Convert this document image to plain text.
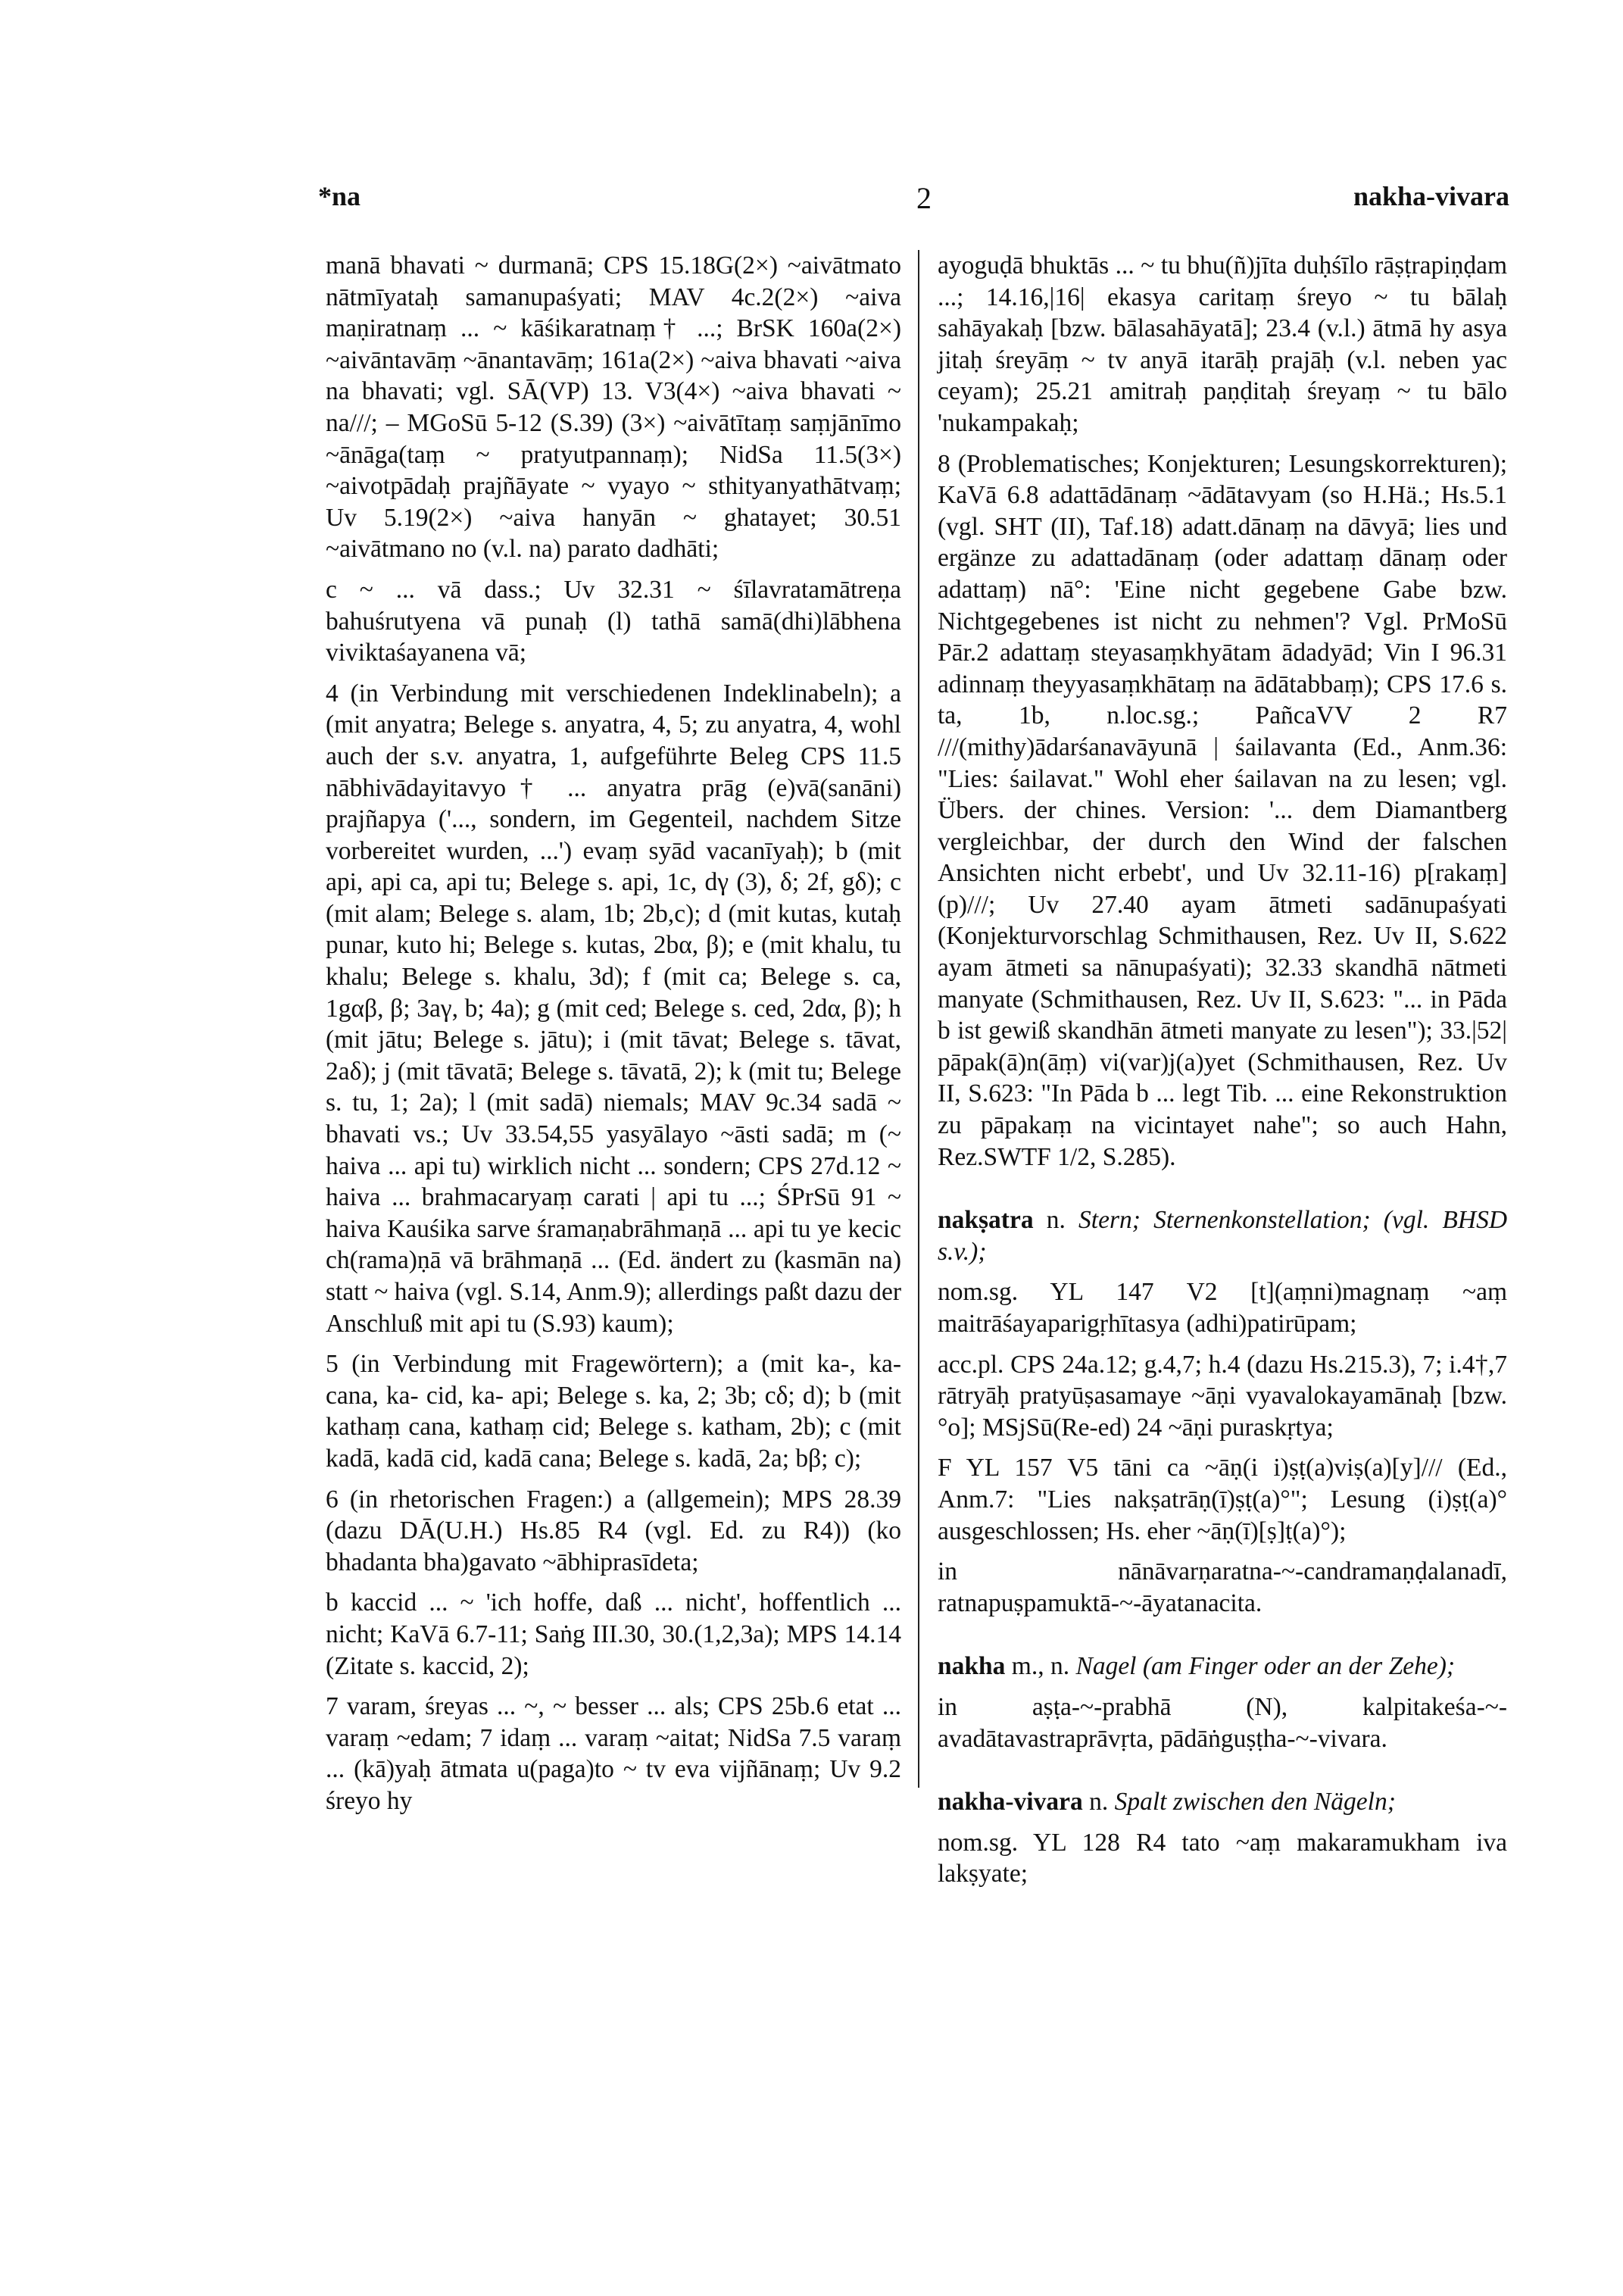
*na	2	nakha-vivara

manā bhavati ~ durmanā; CPS 15.18G(2×) ~aivātmato nātmīyataḥ samanupaśyati; MAV 4c.2(2×) ~aiva maṇiratnaṃ ... ~ kāśikaratnaṃ† ...; BrSK 160a(2×) ~aivāntavāṃ ~ānantavāṃ; 161a(2×) ~aiva bhavati ~aiva na bhavati; vgl. SĀ(VP) 13. V3(4×) ~aiva bhavati ~ na///; – MGoSū 5-12 (S.39) (3×) ~aivātītaṃ saṃjānīmo ~ānāga(taṃ ~ pratyutpannaṃ); NidSa 11.5(3×) ~aivotpādaḥ prajñāyate ~ vyayo ~ sthityanyathātvaṃ; Uv 5.19(2×) ~aiva hanyān ~ ghatayet; 30.51 ~aivātmano no (v.l. na) parato dadhāti;

c ~ ... vā dass.; Uv 32.31 ~ śīlavratamātreṇa bahuśrutyena vā punaḥ (l) tathā samā(dhi)lābhena viviktaśayanena vā;

4 (in Verbindung mit verschiedenen Indeklinabeln); a (mit anyatra; Belege s. anyatra, 4, 5; zu anyatra, 4, wohl auch der s.v. anyatra, 1, aufgeführte Beleg CPS 11.5 nābhivādayitavyo† ... anyatra prāg (e)vā(sanāni) prajñapya ('..., sondern, im Gegenteil, nachdem Sitze vorbereitet wurden, ...') evaṃ syād vacanīyaḥ); b (mit api, api ca, api tu; Belege s. api, 1c, dγ (3), δ; 2f, gδ); c (mit alam; Belege s. alam, 1b; 2b,c); d (mit kutas, kutaḥ punar, kuto hi; Belege s. kutas, 2bα, β); e (mit khalu, tu khalu; Belege s. khalu, 3d); f (mit ca; Belege s. ca, 1gαβ, β; 3aγ, b; 4a); g (mit ced; Belege s. ced, 2dα, β); h (mit jātu; Belege s. jātu); i (mit tāvat; Belege s. tāvat, 2aδ); j (mit tāvatā; Belege s. tāvatā, 2); k (mit tu; Belege s. tu, 1; 2a); l (mit sadā) niemals; MAV 9c.34 sadā ~ bhavati vs.; Uv 33.54,55 yasyālayo ~āsti sadā; m (~ haiva ... api tu) wirklich nicht ... sondern; CPS 27d.12 ~ haiva ... brahmacaryaṃ carati | api tu ...; ŚPrSū 91 ~ haiva Kauśika sarve śramaṇabrāhmaṇā ... api tu ye kecic ch(rama)ṇā vā brāhmaṇā ... (Ed. ändert zu (kasmān na) statt ~ haiva (vgl. S.14, Anm.9); allerdings paßt dazu der Anschluß mit api tu (S.93) kaum);

5 (in Verbindung mit Fragewörtern); a (mit ka-, ka- cana, ka- cid, ka- api; Belege s. ka, 2; 3b; cδ; d); b (mit kathaṃ cana, kathaṃ cid; Belege s. katham, 2b); c (mit kadā, kadā cid, kadā cana; Belege s. kadā, 2a; bβ; c);

6 (in rhetorischen Fragen:) a (allgemein); MPS 28.39 (dazu DĀ(U.H.) Hs.85 R4 (vgl. Ed. zu R4)) (ko bhadanta bha)gavato ~ābhiprasīdeta;

b kaccid ... ~ 'ich hoffe, daß ... nicht', hoffentlich ... nicht; KaVā 6.7-11; Saṅg III.30, 30.(1,2,3a); MPS 14.14 (Zitate s. kaccid, 2);

7 varam, śreyas ... ~, ~ besser ... als; CPS 25b.6 etat ... varaṃ ~edam; 7 idaṃ ... varaṃ ~aitat; NidSa 7.5 varaṃ ... (kā)yaḥ ātmata u(paga)to ~ tv eva vijñānaṃ; Uv 9.2 śreyo hy

ayoguḍā bhuktās ... ~ tu bhu(ñ)jīta duḥśīlo rāṣṭrapiṇḍam ...; 14.16,|16| ekasya caritaṃ śreyo ~ tu bālaḥ sahāyakaḥ [bzw. bālasahāyatā]; 23.4 (v.l.) ātmā hy asya jitaḥ śreyāṃ ~ tv anyā itarāḥ prajāḥ (v.l. neben yac ceyam); 25.21 amitraḥ paṇḍitaḥ śreyaṃ ~ tu bālo 'nukampakaḥ;

8 (Problematisches; Konjekturen; Lesungskorrekturen); KaVā 6.8 adattādānaṃ ~ādātavyam (so H.Hä.; Hs.5.1 (vgl. SHT (II), Taf.18) adatt.dānaṃ na dāvyā; lies und ergänze zu adattadānaṃ (oder adattaṃ dānaṃ oder adattaṃ) nā°: 'Eine nicht gegebene Gabe bzw. Nichtgegebenes ist nicht zu nehmen'? Vgl. PrMoSū Pār.2 adattaṃ steyasaṃkhyātam ādadyād; Vin I 96.31 adinnaṃ theyyasaṃkhātaṃ na ādātabbaṃ); CPS 17.6 s. ta, 1b, n.loc.sg.; PañcaVV 2 R7 ///(mithy)ādarśanavāyunā | śailavanta (Ed., Anm.36: "Lies: śailavat." Wohl eher śailavan na zu lesen; vgl. Übers. der chines. Version: '... dem Diamantberg vergleichbar, der durch den Wind der falschen Ansichten nicht erbebt', und Uv 32.11-16) p[rakaṃ](p)///; Uv 27.40 ayam ātmeti sadānupaśyati (Konjekturvorschlag Schmithausen, Rez. Uv II, S.622 ayam ātmeti sa nānupaśyati); 32.33 skandhā nātmeti manyate (Schmithausen, Rez. Uv II, S.623: "... in Pāda b ist gewiß skandhān ātmeti manyate zu lesen"); 33.|52| pāpak(ā)n(āṃ) vi(var)j(a)yet (Schmithausen, Rez. Uv II, S.623: "In Pāda b ... legt Tib. ... eine Rekonstruktion zu pāpakaṃ na vicintayet nahe"; so auch Hahn, Rez.SWTF 1/2, S.285).

nakṣatra n. Stern; Sternenkonstellation; (vgl. BHSD s.v.);

nom.sg. YL 147 V2 [t](aṃni)magnaṃ ~aṃ maitrāśayaparigṛhītasya (adhi)patirūpam;

acc.pl. CPS 24a.12; g.4,7; h.4 (dazu Hs.215.3), 7; i.4†,7 rātryāḥ pratyūṣasamaye ~āṇi vyavalokayamānaḥ [bzw. °o]; MSjSū(Re-ed) 24 ~āṇi puraskṛtya;

F YL 157 V5 tāni ca ~āṇ(i i)ṣṭ(a)viṣ(a)[y]/// (Ed., Anm.7: "Lies nakṣatrāṇ(ī)ṣṭ(a)°"; Lesung (i)ṣṭ(a)° ausgeschlossen; Hs. eher ~āṇ(ī)[ṣ]ṭ(a)°);

in nānāvarṇaratna-~-candramaṇḍalanadī, ratnapuṣpamuktā-~-āyatanacita.

nakha m., n. Nagel (am Finger oder an der Zehe);

in aṣṭa-~-prabhā (N), kalpitakeśa-~-avadātavastraprāvṛta, pādāṅguṣṭha-~-vivara.

nakha-vivara n. Spalt zwischen den Nägeln;

nom.sg. YL 128 R4 tato ~aṃ makaramukham iva lakṣyate;
